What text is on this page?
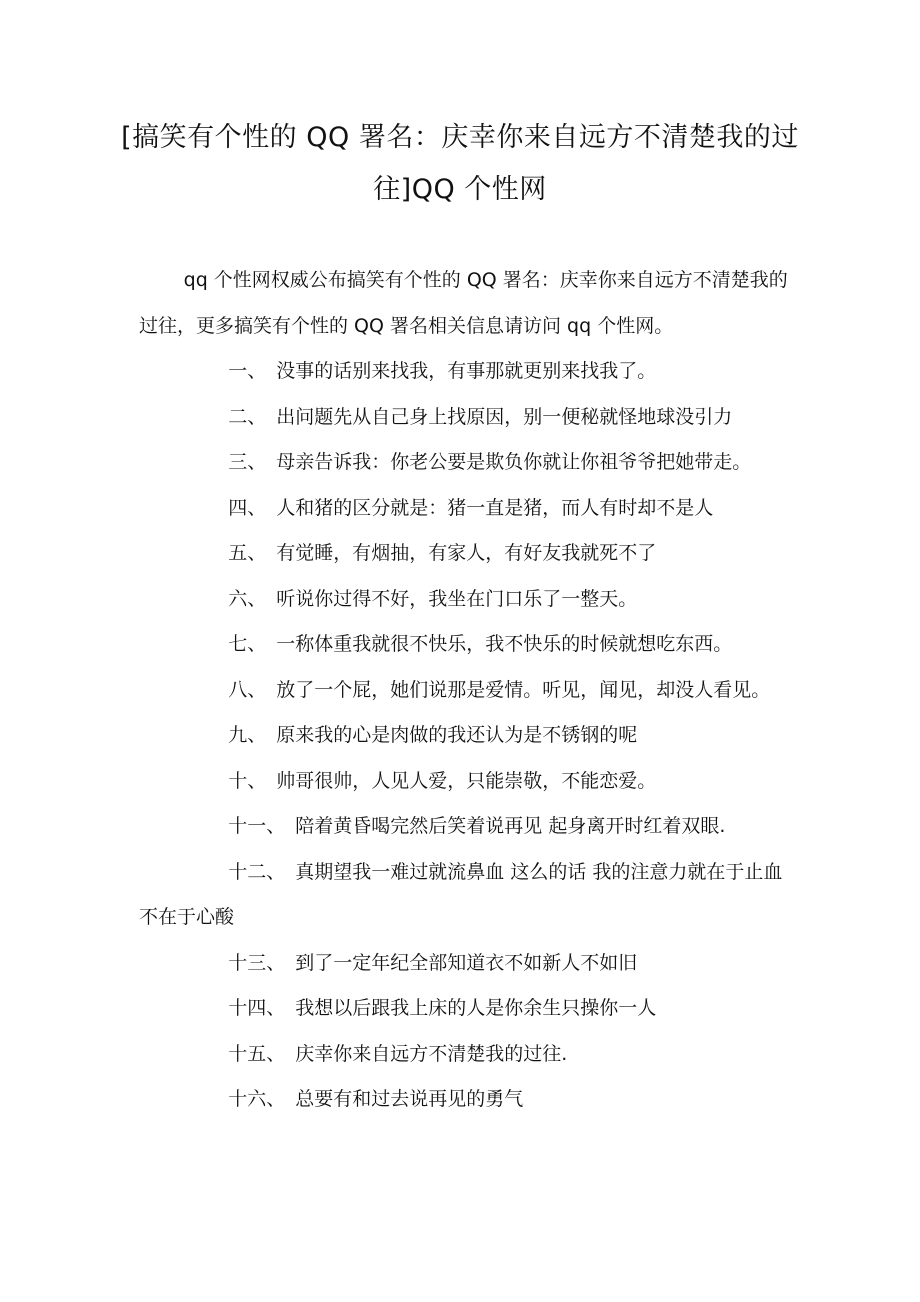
[搞笑有个性的 QQ 署名：庆幸你来自远方不清楚我的过往]QQ 个性网

qq 个性网权威公布搞笑有个性的 QQ 署名：庆幸你来自远方不清楚我的过往，更多搞笑有个性的 QQ 署名相关信息请访问 qq 个性网。

一、 没事的话别来找我，有事那就更别来找我了。

二、 出问题先从自己身上找原因，别一便秘就怪地球没引力

三、 母亲告诉我：你老公要是欺负你就让你祖爷爷把她带走。

四、 人和猪的区分就是：猪一直是猪，而人有时却不是人

五、 有觉睡，有烟抽，有家人，有好友我就死不了

六、 听说你过得不好，我坐在门口乐了一整天。

七、 一称体重我就很不快乐，我不快乐的时候就想吃东西。

八、 放了一个屁，她们说那是爱情。听见，闻见，却没人看见。

九、 原来我的心是肉做的我还认为是不锈钢的呢

十、 帅哥很帅，人见人爱，只能崇敬，不能恋爱。

十一、 陪着黄昏喝完然后笑着说再见 起身离开时红着双眼.

十二、 真期望我一难过就流鼻血 这么的话 我的注意力就在于止血不在于心酸

十三、 到了一定年纪全部知道衣不如新人不如旧

十四、 我想以后跟我上床的人是你余生只操你一人

十五、 庆幸你来自远方不清楚我的过往.

十六、 总要有和过去说再见的勇气
